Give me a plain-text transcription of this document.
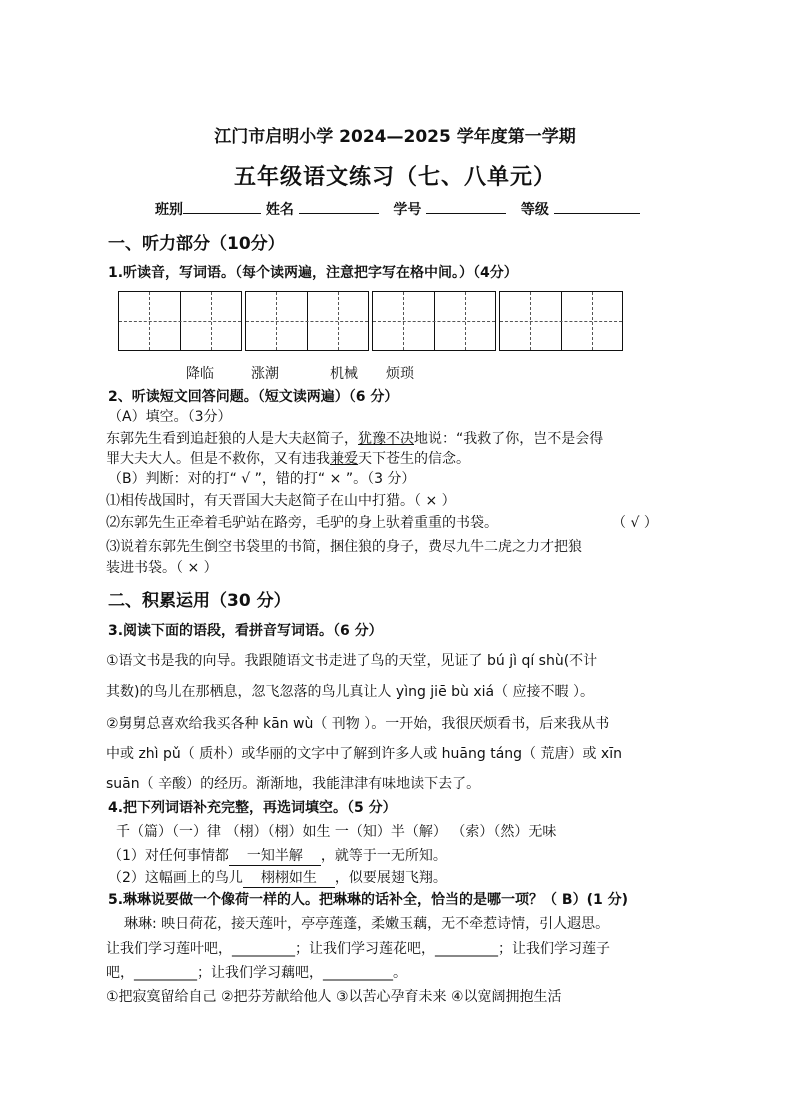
江门市启明小学 2024—2025 学年度第一学期
五年级语文练习（七、八单元）
班别	姓名	学号	等级
一、听力部分（10分）
1.听读音，写词语。（每个读两遍，注意把字写在格中间。）（4分）
降临	涨潮	机械 烦琐
2、听读短文回答问题。（短文读两遍）（6 分）
（A）填空。（3分）
东郭先生看到追赶狼的人是大夫赵简子，犹豫不决地说：“我救了你，岂不是会得
罪大夫大人。但是不救你，又有违我兼爱天下苍生的信念。
（B）判断：对的打“ √ ”，错的打“ × ”。（3 分）
⑴相传战国时，有天晋国大夫赵简子在山中打猎。（ × ）
⑵东郭先生正牵着毛驴站在路旁，毛驴的身上驮着重重的书袋。	（ √ ）
⑶说着东郭先生倒空书袋里的书简，捆住狼的身子，费尽九牛二虎之力才把狼
装进书袋。（ × ）
二、积累运用（30 分）
3.阅读下面的语段，看拼音写词语。（6 分）
①语文书是我的向导。我跟随语文书走进了鸟的天堂，见证了 bú jì qí shù(不计
其数)的鸟儿在那栖息，忽飞忽落的鸟儿真让人 yìng jiē bù xiá（ 应接不暇 ）。
②舅舅总喜欢给我买各种 kān wù（ 刊物 ）。一开始，我很厌烦看书，后来我从书
中或 zhì pǔ（ 质朴）或华丽的文字中了解到许多人或 huāng táng（ 荒唐）或 xīn
suān（ 辛酸）的经历。渐渐地，我能津津有味地读下去了。
4.把下列词语补充完整，再选词填空。（5 分）
千（篇）（一）律 （栩）（栩）如生 一（知）半（解） （索）（然）无味
（1）对任何事情都 一知半解 ，就等于一无所知。
（2）这幅画上的鸟儿 栩栩如生 ，似要展翅飞翔。
5.琳琳说要做一个像荷一样的人。把琳琳的话补全，恰当的是哪一项？（ B）(1 分)
琳琳: 映日荷花，接天莲叶，亭亭莲蓬，柔嫩玉藕，无不牵惹诗情，引人遐思。
让我们学习莲叶吧，_________；让我们学习莲花吧，_________；让我们学习莲子
吧，_________；让我们学习藕吧，__________。
①把寂寞留给自己 ②把芬芳献给他人 ③以苦心孕育未来 ④以宽阔拥抱生活
